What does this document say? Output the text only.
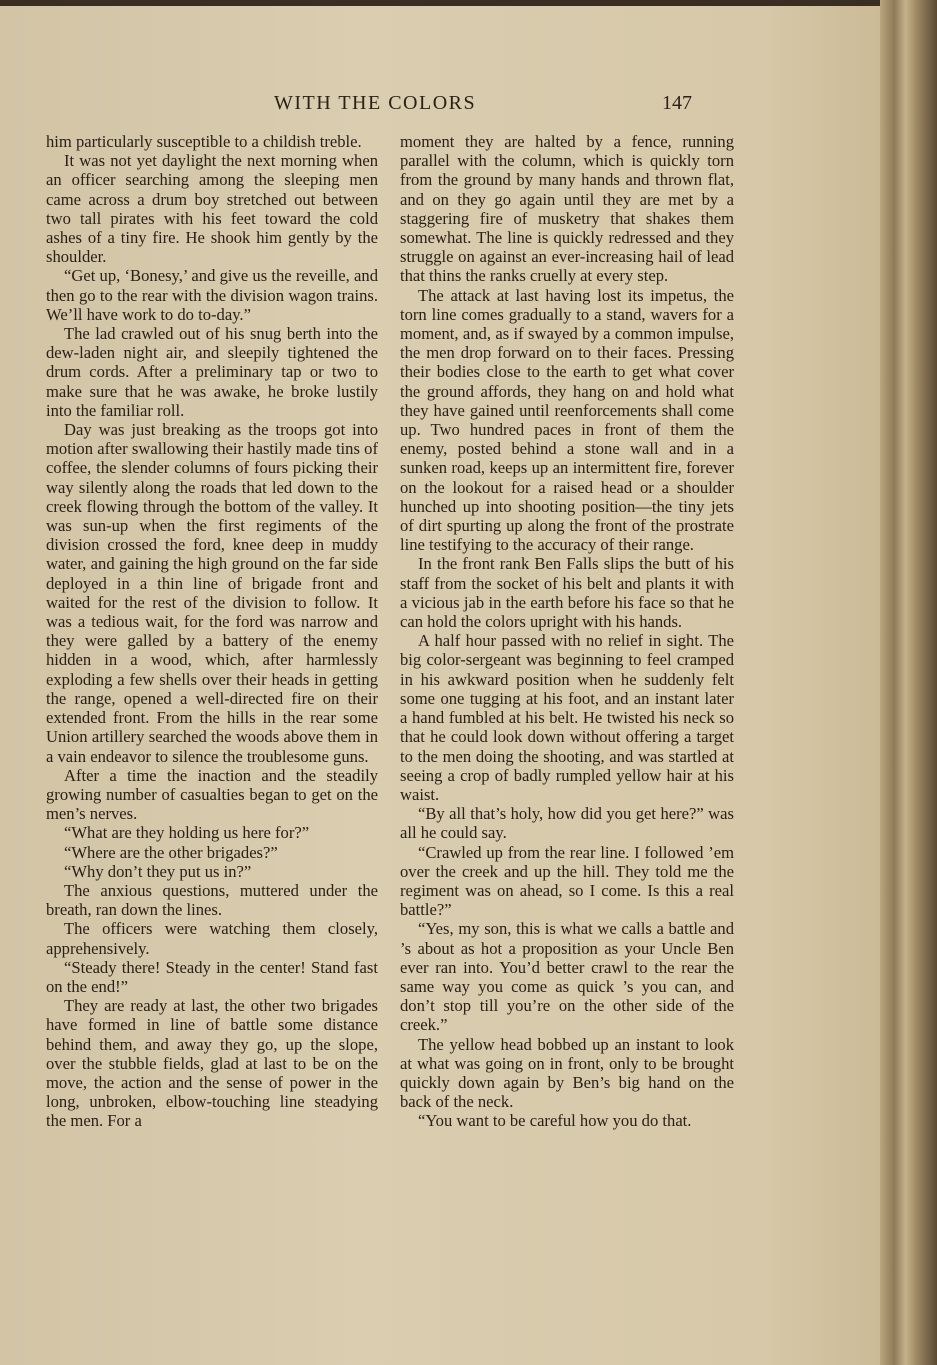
WITH THE COLORS	147

him particularly susceptible to a childish treble.

It was not yet daylight the next morning when an officer searching among the sleeping men came across a drum boy stretched out between two tall pirates with his feet toward the cold ashes of a tiny fire. He shook him gently by the shoulder.

“Get up, ‘Bonesy,’ and give us the reveille, and then go to the rear with the division wagon trains. We’ll have work to do to-day.”

The lad crawled out of his snug berth into the dew-laden night air, and sleepily tightened the drum cords. After a preliminary tap or two to make sure that he was awake, he broke lustily into the familiar roll.

Day was just breaking as the troops got into motion after swallowing their hastily made tins of coffee, the slender columns of fours picking their way silently along the roads that led down to the creek flowing through the bottom of the valley. It was sun-up when the first regiments of the division crossed the ford, knee deep in muddy water, and gaining the high ground on the far side deployed in a thin line of brigade front and waited for the rest of the division to follow. It was a tedious wait, for the ford was narrow and they were galled by a battery of the enemy hidden in a wood, which, after harmlessly exploding a few shells over their heads in getting the range, opened a well-directed fire on their extended front. From the hills in the rear some Union artillery searched the woods above them in a vain endeavor to silence the troublesome guns.

After a time the inaction and the steadily growing number of casualties began to get on the men’s nerves.

“What are they holding us here for?”

“Where are the other brigades?”

“Why don’t they put us in?”

The anxious questions, muttered under the breath, ran down the lines.

The officers were watching them closely, apprehensively.

“Steady there! Steady in the center! Stand fast on the end!”

They are ready at last, the other two brigades have formed in line of battle some distance behind them, and away they go, up the slope, over the stubble fields, glad at last to be on the move, the action and the sense of power in the long, unbroken, elbow-touching line steadying the men. For a

moment they are halted by a fence, running parallel with the column, which is quickly torn from the ground by many hands and thrown flat, and on they go again until they are met by a staggering fire of musketry that shakes them somewhat. The line is quickly redressed and they struggle on against an ever-increasing hail of lead that thins the ranks cruelly at every step.

The attack at last having lost its impetus, the torn line comes gradually to a stand, wavers for a moment, and, as if swayed by a common impulse, the men drop forward on to their faces. Pressing their bodies close to the earth to get what cover the ground affords, they hang on and hold what they have gained until reenforcements shall come up. Two hundred paces in front of them the enemy, posted behind a stone wall and in a sunken road, keeps up an intermittent fire, forever on the lookout for a raised head or a shoulder hunched up into shooting position—the tiny jets of dirt spurting up along the front of the prostrate line testifying to the accuracy of their range.

In the front rank Ben Falls slips the butt of his staff from the socket of his belt and plants it with a vicious jab in the earth before his face so that he can hold the colors upright with his hands.

A half hour passed with no relief in sight. The big color-sergeant was beginning to feel cramped in his awkward position when he suddenly felt some one tugging at his foot, and an instant later a hand fumbled at his belt. He twisted his neck so that he could look down without offering a target to the men doing the shooting, and was startled at seeing a crop of badly rumpled yellow hair at his waist.

“By all that’s holy, how did you get here?” was all he could say.

“Crawled up from the rear line. I followed ’em over the creek and up the hill. They told me the regiment was on ahead, so I come. Is this a real battle?”

“Yes, my son, this is what we calls a battle and ’s about as hot a proposition as your Uncle Ben ever ran into. You’d better crawl to the rear the same way you come as quick ’s you can, and don’t stop till you’re on the other side of the creek.”

The yellow head bobbed up an instant to look at what was going on in front, only to be brought quickly down again by Ben’s big hand on the back of the neck.

“You want to be careful how you do that.
